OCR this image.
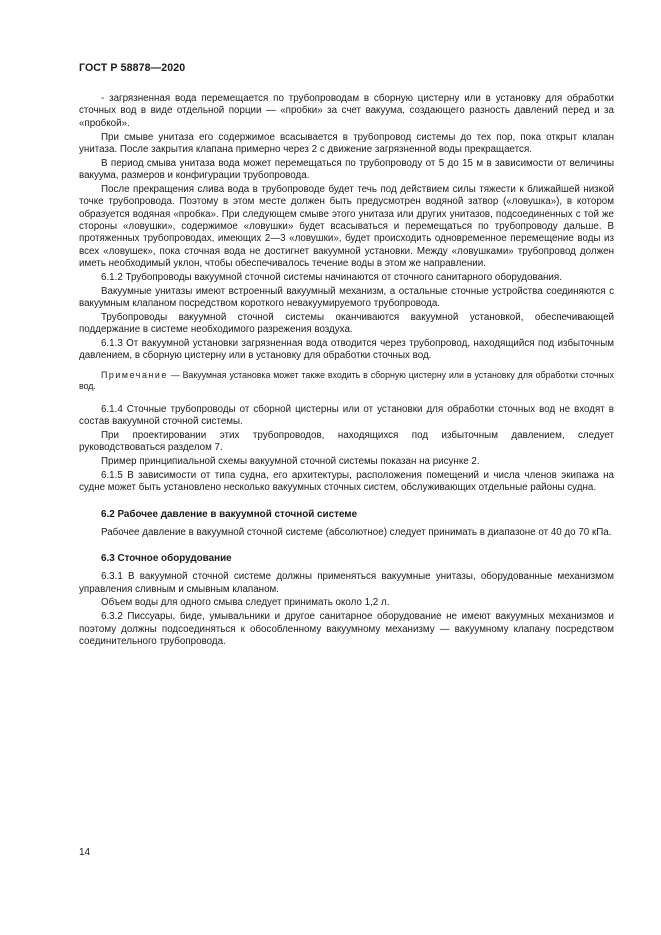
ГОСТ Р 58878—2020

- загрязненная вода перемещается по трубопроводам в сборную цистерну или в установку для обработки сточных вод в виде отдельной порции — «пробки» за счет вакуума, создающего разность давлений перед и за «пробкой».

При смыве унитаза его содержимое всасывается в трубопровод системы до тех пор, пока открыт клапан унитаза. После закрытия клапана примерно через 2 с движение загрязненной воды прекращается.

В период смыва унитаза вода может перемещаться по трубопроводу от 5 до 15 м в зависимости от величины вакуума, размеров и конфигурации трубопровода.

После прекращения слива вода в трубопроводе будет течь под действием силы тяжести к ближайшей низкой точке трубопровода. Поэтому в этом месте должен быть предусмотрен водяной затвор («ловушка»), в котором образуется водяная «пробка». При следующем смыве этого унитаза или других унитазов, подсоединенных с той же стороны «ловушки», содержимое «ловушки» будет всасываться и перемещаться по трубопроводу дальше. В протяженных трубопроводах, имеющих 2—3 «ловушки», будет происходить одновременное перемещение воды из всех «ловушек», пока сточная вода не достигнет вакуумной установки. Между «ловушками» трубопровод должен иметь необходимый уклон, чтобы обеспечивалось течение воды в этом же направлении.

6.1.2 Трубопроводы вакуумной сточной системы начинаются от сточного санитарного оборудования.

Вакуумные унитазы имеют встроенный вакуумный механизм, а остальные сточные устройства соединяются с вакуумным клапаном посредством короткого невакуумируемого трубопровода.

Трубопроводы вакуумной сточной системы оканчиваются вакуумной установкой, обеспечивающей поддержание в системе необходимого разрежения воздуха.

6.1.3 От вакуумной установки загрязненная вода отводится через трубопровод, находящийся под избыточным давлением, в сборную цистерну или в установку для обработки сточных вод.

Примечание — Вакуумная установка может также входить в сборную цистерну или в установку для обработки сточных вод.

6.1.4 Сточные трубопроводы от сборной цистерны или от установки для обработки сточных вод не входят в состав вакуумной сточной системы.

При проектировании этих трубопроводов, находящихся под избыточным давлением, следует руководствоваться разделом 7.

Пример принципиальной схемы вакуумной сточной системы показан на рисунке 2.

6.1.5 В зависимости от типа судна, его архитектуры, расположения помещений и числа членов экипажа на судне может быть установлено несколько вакуумных сточных систем, обслуживающих отдельные районы судна.

6.2 Рабочее давление в вакуумной сточной системе

Рабочее давление в вакуумной сточной системе (абсолютное) следует принимать в диапазоне от 40 до 70 кПа.

6.3 Сточное оборудование

6.3.1 В вакуумной сточной системе должны применяться вакуумные унитазы, оборудованные механизмом управления сливным и смывным клапаном.

Объем воды для одного смыва следует принимать около 1,2 л.

6.3.2 Писсуары, биде, умывальники и другое санитарное оборудование не имеют вакуумных механизмов и поэтому должны подсоединяться к обособленному вакуумному механизму — вакуумному клапану посредством соединительного трубопровода.

14
